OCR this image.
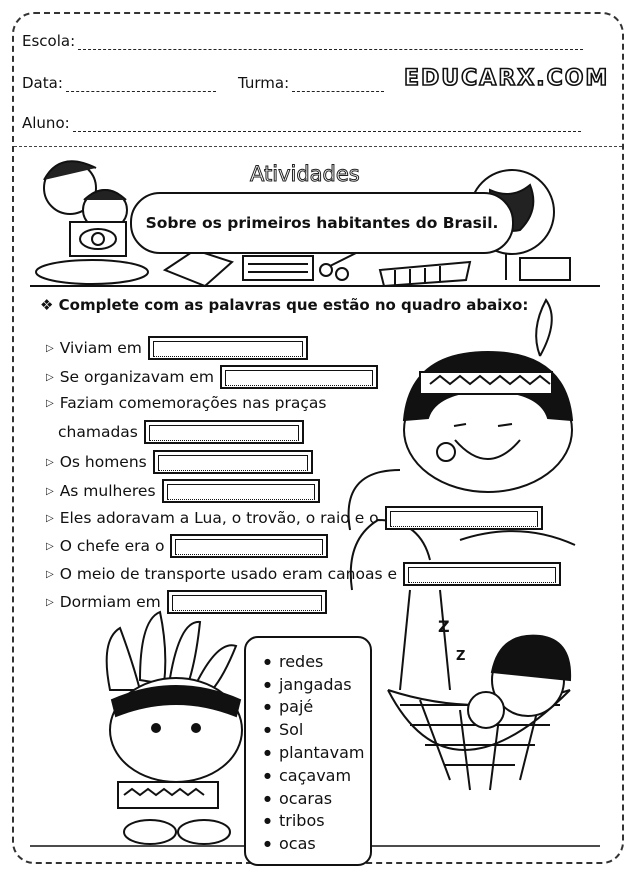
Escola:
Data:	Turma:	EDUCARX.COM
Aluno:
Z
Z
Atividades
Sobre os primeiros habitantes do Brasil.
❖ Complete com as palavras que estão no quadro abaixo:
▷ Viviam em
▷ Se organizavam em
▷ Faziam comemorações nas praças
chamadas
▷ Os homens
▷ As mulheres
▷ Eles adoravam a Lua, o trovão, o raio e o
▷ O chefe era o
▷ O meio de transporte usado eram canoas e
▷ Dormiam em
● redes
● jangadas
● pajé
● Sol
● plantavam
● caçavam
● ocaras
● tribos
● ocas
